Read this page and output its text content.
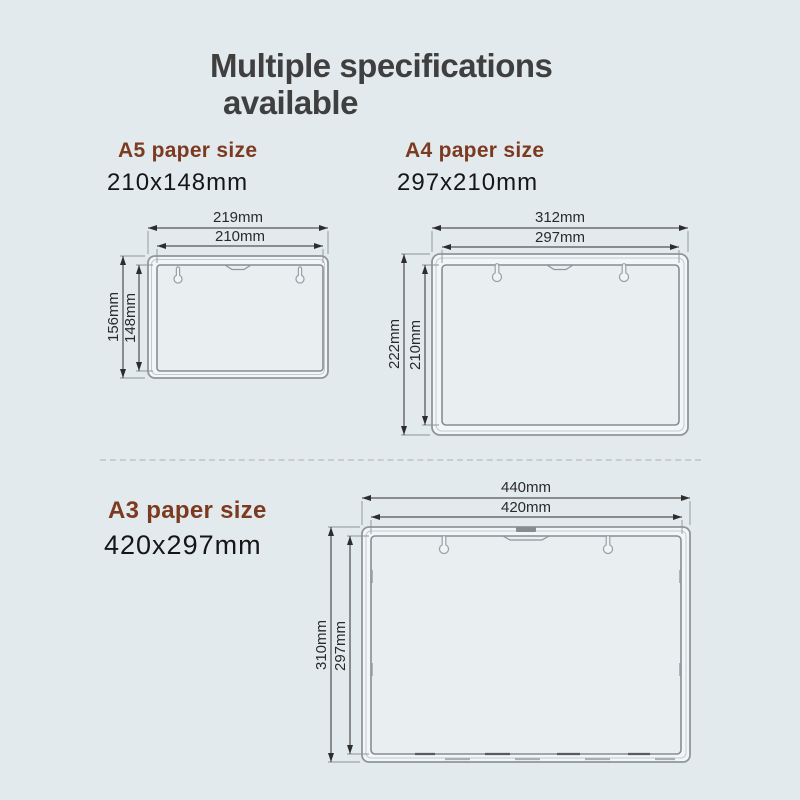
Multiple specifications
available
A5 paper size
210x148mm
A4 paper size
297x210mm
219mm
210mm
156mm 148mm
312mm
297mm
222mm 210mm
A3 paper size
420x297mm
440mm
420mm
310mm 297mm
